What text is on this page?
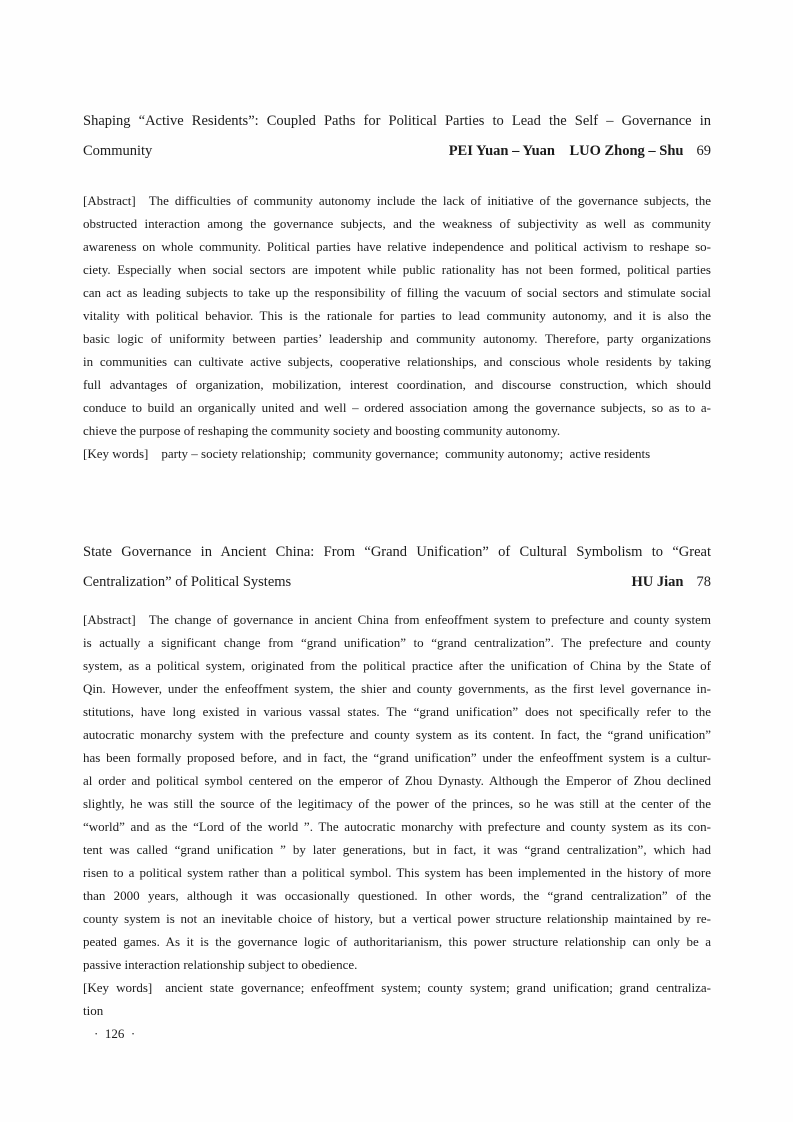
Shaping “Active Residents”: Coupled Paths for Political Parties to Lead the Self – Governance in
Community	PEI Yuan – Yuan LUO Zhong – Shu 69
[Abstract] The difficulties of community autonomy include the lack of initiative of the governance subjects, the
obstructed interaction among the governance subjects, and the weakness of subjectivity as well as community
awareness on whole community. Political parties have relative independence and political activism to reshape so-
ciety. Especially when social sectors are impotent while public rationality has not been formed, political parties
can act as leading subjects to take up the responsibility of filling the vacuum of social sectors and stimulate social
vitality with political behavior. This is the rationale for parties to lead community autonomy, and it is also the
basic logic of uniformity between parties’ leadership and community autonomy. Therefore, party organizations
in communities can cultivate active subjects, cooperative relationships, and conscious whole residents by taking
full advantages of organization, mobilization, interest coordination, and discourse construction, which should
conduce to build an organically united and well – ordered association among the governance subjects, so as to a-
chieve the purpose of reshaping the community society and boosting community autonomy.
[Key words] party – society relationship; community governance; community autonomy; active residents
State Governance in Ancient China: From “Grand Unification” of Cultural Symbolism to “Great
Centralization” of Political Systems	HU Jian 78
[Abstract] The change of governance in ancient China from enfeoffment system to prefecture and county system
is actually a significant change from “grand unification” to “grand centralization”. The prefecture and county
system, as a political system, originated from the political practice after the unification of China by the State of
Qin. However, under the enfeoffment system, the shier and county governments, as the first level governance in-
stitutions, have long existed in various vassal states. The “grand unification” does not specifically refer to the
autocratic monarchy system with the prefecture and county system as its content. In fact, the “grand unification”
has been formally proposed before, and in fact, the “grand unification” under the enfeoffment system is a cultur-
al order and political symbol centered on the emperor of Zhou Dynasty. Although the Emperor of Zhou declined
slightly, he was still the source of the legitimacy of the power of the princes, so he was still at the center of the
“world” and as the “Lord of the world ”. The autocratic monarchy with prefecture and county system as its con-
tent was called “grand unification ” by later generations, but in fact, it was “grand centralization”, which had
risen to a political system rather than a political symbol. This system has been implemented in the history of more
than 2000 years, although it was occasionally questioned. In other words, the “grand centralization” of the
county system is not an inevitable choice of history, but a vertical power structure relationship maintained by re-
peated games. As it is the governance logic of authoritarianism, this power structure relationship can only be a
passive interaction relationship subject to obedience.
[Key words] ancient state governance; enfeoffment system; county system; grand unification; grand centraliza-
tion
· 126 ·
